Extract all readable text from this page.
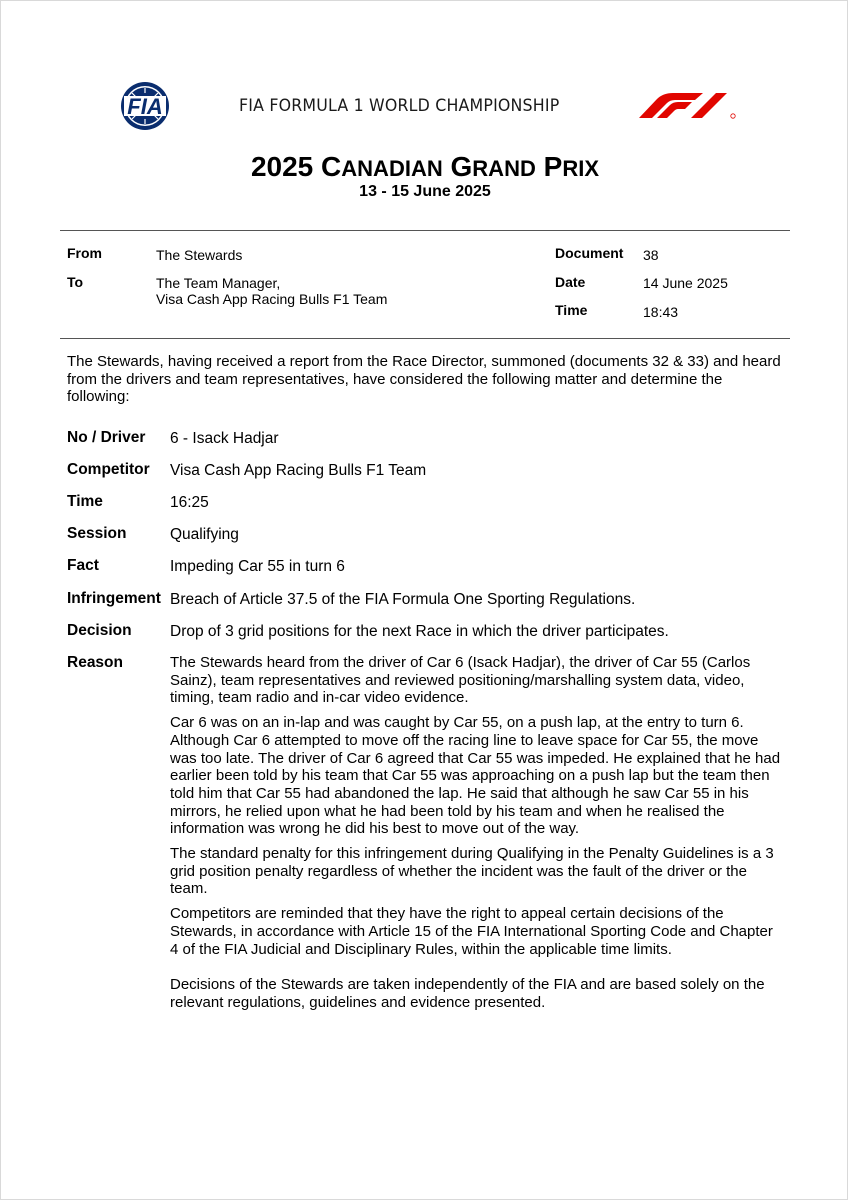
FIA	FIA FORMULA 1 WORLD CHAMPIONSHIP
2025 CANADIAN GRAND PRIX
13 - 15 June 2025
From	The Stewards
To	The Team Manager,
Visa Cash App Racing Bulls F1 Team
Document 38
Date	14 June 2025
Time	18:43
The Stewards, having received a report from the Race Director, summoned (documents 32 & 33) and heard from the drivers and team representatives, have considered the following matter and determine the following:
No / Driver 6 - Isack Hadjar
Competitor Visa Cash App Racing Bulls F1 Team
Time	16:25
Session	Qualifying
Fact	Impeding Car 55 in turn 6
Infringement Breach of Article 37.5 of the FIA Formula One Sporting Regulations.
Decision Drop of 3 grid positions for the next Race in which the driver participates.
Reason	The Stewards heard from the driver of Car 6 (Isack Hadjar), the driver of Car 55 (Carlos Sainz), team representatives and reviewed positioning/marshalling system data, video, timing, team radio and in-car video evidence.

Car 6 was on an in-lap and was caught by Car 55, on a push lap, at the entry to turn 6. Although Car 6 attempted to move off the racing line to leave space for Car 55, the move was too late. The driver of Car 6 agreed that Car 55 was impeded. He explained that he had earlier been told by his team that Car 55 was approaching on a push lap but the team then told him that Car 55 had abandoned the lap. He said that although he saw Car 55 in his mirrors, he relied upon what he had been told by his team and when he realised the information was wrong he did his best to move out of the way.

The standard penalty for this infringement during Qualifying in the Penalty Guidelines is a 3 grid position penalty regardless of whether the incident was the fault of the driver or the team.

Competitors are reminded that they have the right to appeal certain decisions of the Stewards, in accordance with Article 15 of the FIA International Sporting Code and Chapter 4 of the FIA Judicial and Disciplinary Rules, within the applicable time limits.

Decisions of the Stewards are taken independently of the FIA and are based solely on the relevant regulations, guidelines and evidence presented.
